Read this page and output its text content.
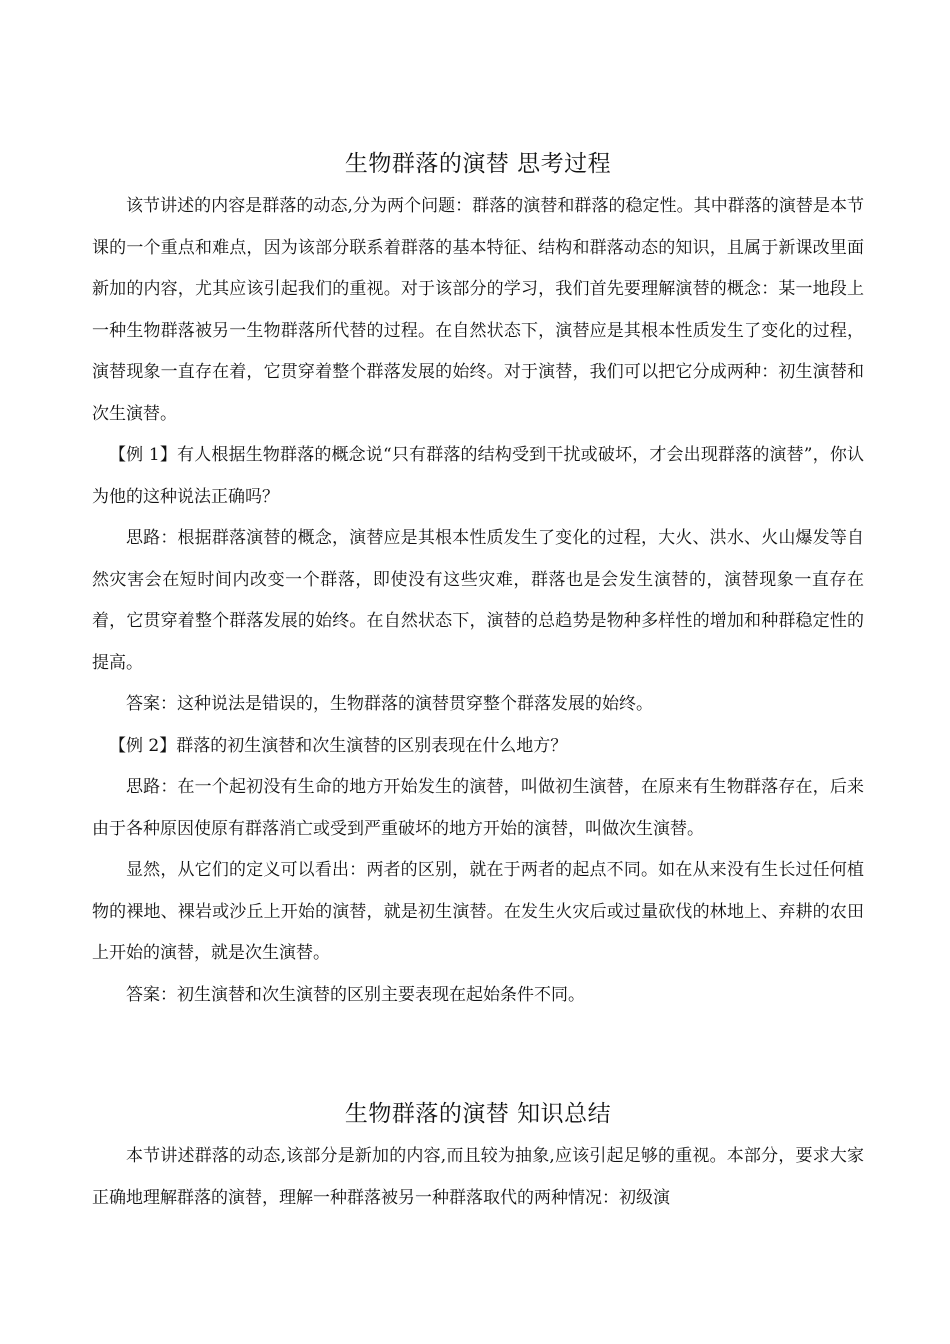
生物群落的演替 思考过程

该节讲述的内容是群落的动态,分为两个问题：群落的演替和群落的稳定性。其中群落的演替是本节课的一个重点和难点，因为该部分联系着群落的基本特征、结构和群落动态的知识，且属于新课改里面新加的内容，尤其应该引起我们的重视。对于该部分的学习，我们首先要理解演替的概念：某一地段上一种生物群落被另一生物群落所代替的过程。在自然状态下，演替应是其根本性质发生了变化的过程，演替现象一直存在着，它贯穿着整个群落发展的始终。对于演替，我们可以把它分成两种：初生演替和次生演替。

【例 1】有人根据生物群落的概念说“只有群落的结构受到干扰或破坏，才会出现群落的演替”，你认为他的这种说法正确吗？

思路：根据群落演替的概念，演替应是其根本性质发生了变化的过程，大火、洪水、火山爆发等自然灾害会在短时间内改变一个群落，即使没有这些灾难，群落也是会发生演替的，演替现象一直存在着，它贯穿着整个群落发展的始终。在自然状态下，演替的总趋势是物种多样性的增加和种群稳定性的提高。

答案：这种说法是错误的，生物群落的演替贯穿整个群落发展的始终。

【例 2】群落的初生演替和次生演替的区别表现在什么地方？

思路：在一个起初没有生命的地方开始发生的演替，叫做初生演替，在原来有生物群落存在，后来由于各种原因使原有群落消亡或受到严重破坏的地方开始的演替，叫做次生演替。

显然，从它们的定义可以看出：两者的区别，就在于两者的起点不同。如在从来没有生长过任何植物的裸地、裸岩或沙丘上开始的演替，就是初生演替。在发生火灾后或过量砍伐的林地上、弃耕的农田上开始的演替，就是次生演替。

答案：初生演替和次生演替的区别主要表现在起始条件不同。

生物群落的演替 知识总结

本节讲述群落的动态,该部分是新加的内容,而且较为抽象,应该引起足够的重视。本部分，要求大家正确地理解群落的演替，理解一种群落被另一种群落取代的两种情况：初级演
